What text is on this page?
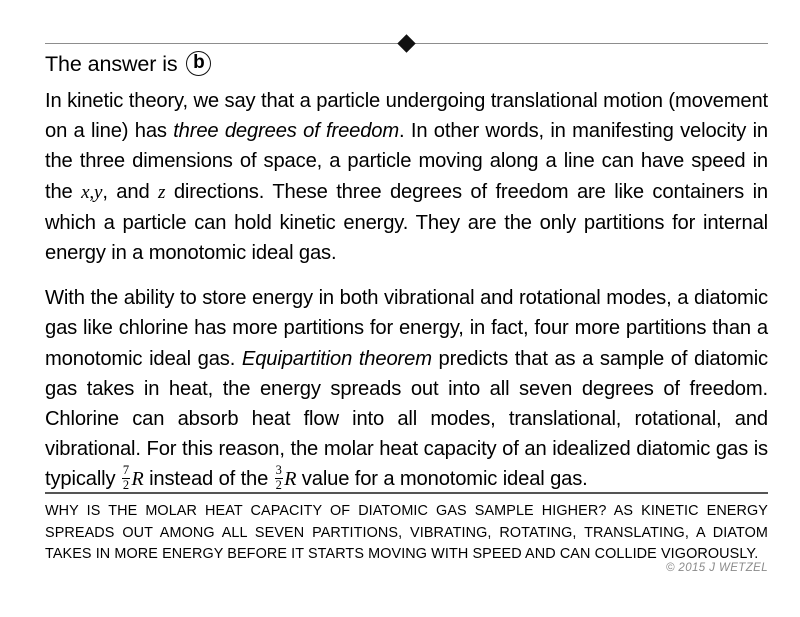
The answer is b

In kinetic theory, we say that a particle undergoing translational motion (movement on a line) has three degrees of freedom. In other words, in manifesting velocity in the three dimensions of space, a particle moving along a line can have speed in the x,y, and z directions. These three degrees of freedom are like containers in which a particle can hold kinetic energy. They are the only partitions for internal energy in a monotomic ideal gas.

With the ability to store energy in both vibrational and rotational modes, a diatomic gas like chlorine has more partitions for energy, in fact, four more partitions than a monotomic ideal gas. Equipartition theorem predicts that as a sample of diatomic gas takes in heat, the energy spreads out into all seven degrees of freedom. Chlorine can absorb heat flow into all modes, translational, rotational, and vibrational. For this reason, the molar heat capacity of an idealized diatomic gas is typically $\frac{7}{2}$ R instead of the $\frac{3}{2}$ R value for a monotomic ideal gas.

WHY IS THE MOLAR HEAT CAPACITY OF DIATOMIC GAS SAMPLE HIGHER? AS KINETIC ENERGY SPREADS OUT AMONG ALL SEVEN PARTITIONS, VIBRATING, ROTATING, TRANSLATING, A DIATOM TAKES IN MORE ENERGY BEFORE IT STARTS MOVING WITH SPEED AND CAN COLLIDE VIGOROUSLY.
© 2015 J WETZEL
